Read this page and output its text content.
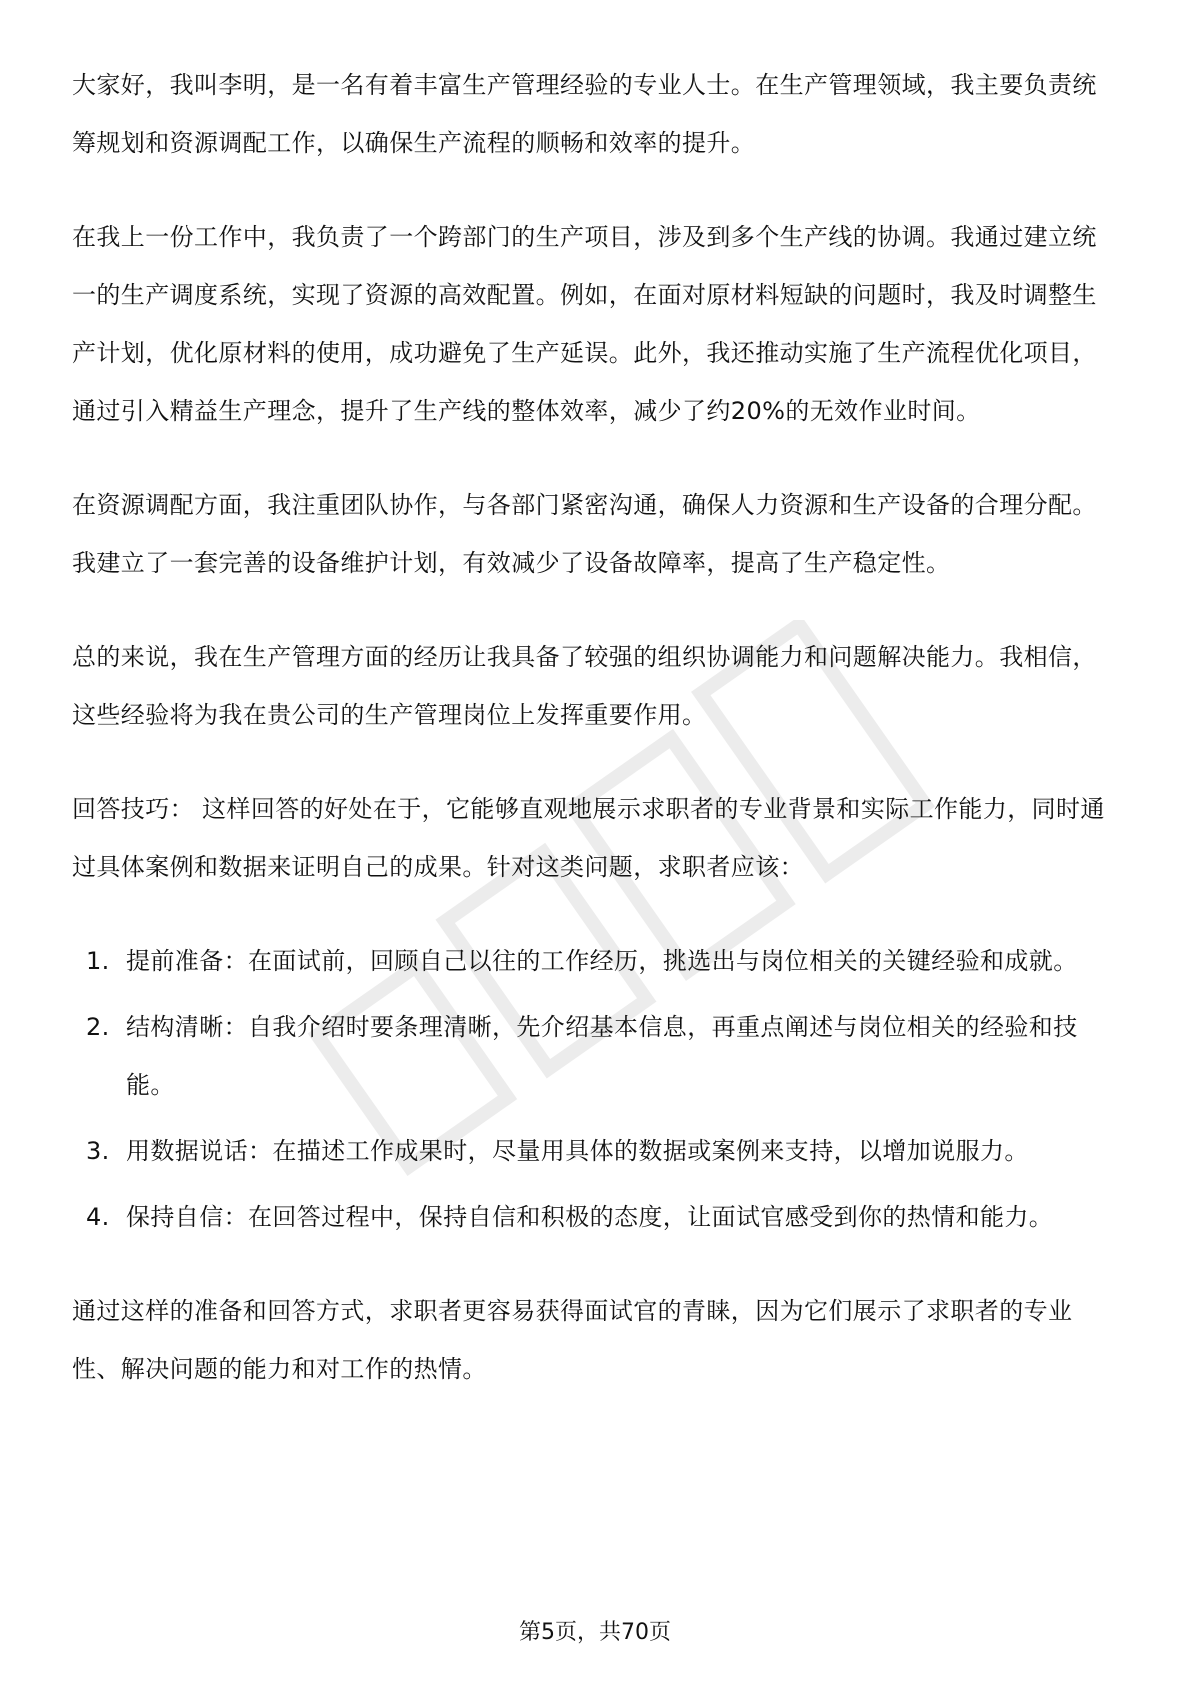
大家好，我叫李明，是一名有着丰富生产管理经验的专业人士。在生产管理领域，我主要负责统筹规划和资源调配工作，以确保生产流程的顺畅和效率的提升。

在我上一份工作中，我负责了一个跨部门的生产项目，涉及到多个生产线的协调。我通过建立统一的生产调度系统，实现了资源的高效配置。例如，在面对原材料短缺的问题时，我及时调整生产计划，优化原材料的使用，成功避免了生产延误。此外，我还推动实施了生产流程优化项目，通过引入精益生产理念，提升了生产线的整体效率，减少了约20%的无效作业时间。

在资源调配方面，我注重团队协作，与各部门紧密沟通，确保人力资源和生产设备的合理分配。我建立了一套完善的设备维护计划，有效减少了设备故障率，提高了生产稳定性。

总的来说，我在生产管理方面的经历让我具备了较强的组织协调能力和问题解决能力。我相信，这些经验将为我在贵公司的生产管理岗位上发挥重要作用。

回答技巧： 这样回答的好处在于，它能够直观地展示求职者的专业背景和实际工作能力，同时通过具体案例和数据来证明自己的成果。针对这类问题，求职者应该：

1. 提前准备：在面试前，回顾自己以往的工作经历，挑选出与岗位相关的关键经验和成就。
2. 结构清晰：自我介绍时要条理清晰，先介绍基本信息，再重点阐述与岗位相关的经验和技能。
3. 用数据说话：在描述工作成果时，尽量用具体的数据或案例来支持，以增加说服力。
4. 保持自信：在回答过程中，保持自信和积极的态度，让面试官感受到你的热情和能力。

通过这样的准备和回答方式，求职者更容易获得面试官的青睐，因为它们展示了求职者的专业性、解决问题的能力和对工作的热情。

第5页，共70页
